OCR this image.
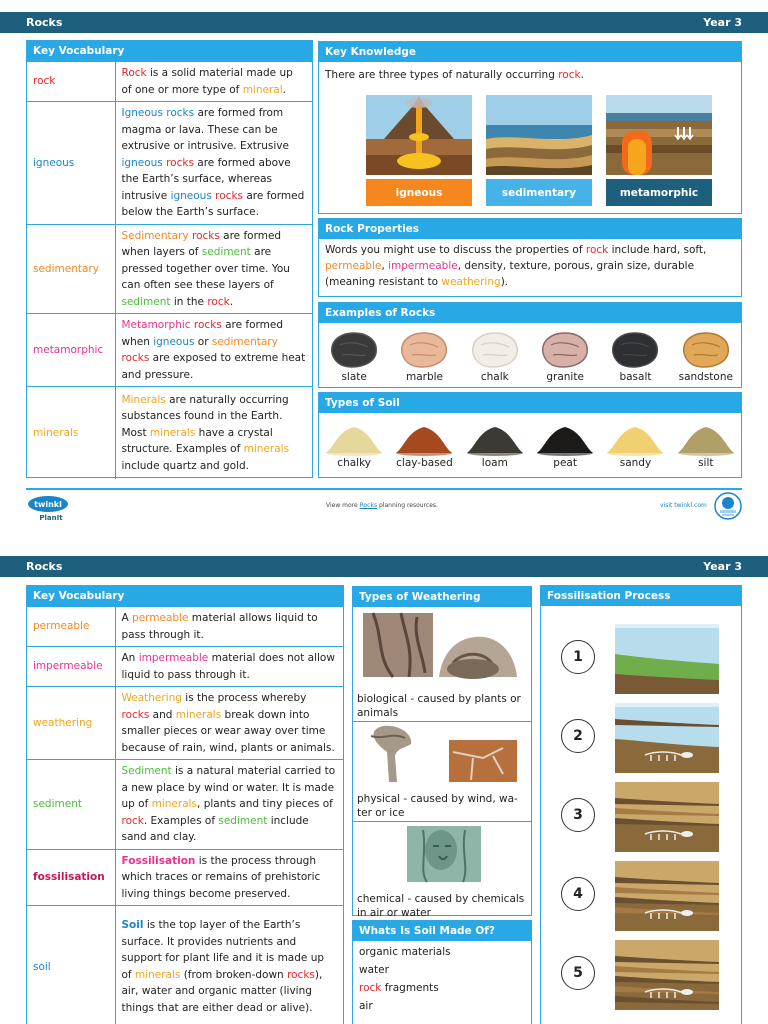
Rocks	Year 3
Key Vocabulary
rock	Rock is a solid material made up of one or more type of mineral.
igneous	Igneous rocks are formed from magma or lava. These can be extrusive or intrusive. Extrusive igneous rocks are formed above the Earth’s surface, whereas intrusive igneous rocks are formed below the Earth’s surface.
sedimentary	Sedimentary rocks are formed when layers of sediment are pressed together over time. You can often see these layers of sediment in the rock.
metamorphic	Metamorphic rocks are formed when igneous or sedimentary rocks are exposed to extreme heat and pressure.
minerals	Minerals are naturally occurring substances found in the Earth. Most minerals have a crystal structure. Examples of minerals include quartz and gold.
Key Knowledge
There are three types of naturally occurring rock.
igneous	sedimentary	metamorphic
Rock Properties
Words you might use to discuss the properties of rock include hard, soft, permeable, impermeable, density, texture, porous, grain size, durable (meaning resistant to weathering).
Examples of Rocks
slate	marble	chalk	granite	basalt	sandstone
Types of Soil
chalky	clay-based	loam	peat	sandy	silt
twinkl
PlanIt
View more Rocks planning resources.	visit twinkl.com
Rocks	Year 3
Key Vocabulary
permeable	A permeable material allows liquid to pass through it.
impermeable	An impermeable material does not allow liquid to pass through it.
weathering	Weathering is the process whereby rocks and minerals break down into smaller pieces or wear away over time because of rain, wind, plants or animals.
sediment	Sediment is a natural material carried to a new place by wind or water. It is made up of minerals, plants and tiny pieces of rock. Examples of sediment include sand and clay.
fossilisation	Fossilisation is the process through which traces or remains of prehistoric living things become preserved.
soil	Soil is the top layer of the Earth’s surface. It provides nutrients and support for plant life and it is made up of minerals (from broken-down rocks), air, water and organic matter (living things that are either dead or alive).
Types of Weathering
biological - caused by plants or animals
physical - caused by wind, wa-ter or ice
chemical - caused by chemicals in air or water
Whats Is Soil Made Of?
organic materials
water
rock fragments
air
Fossilisation Process
1
2
3
4
5
